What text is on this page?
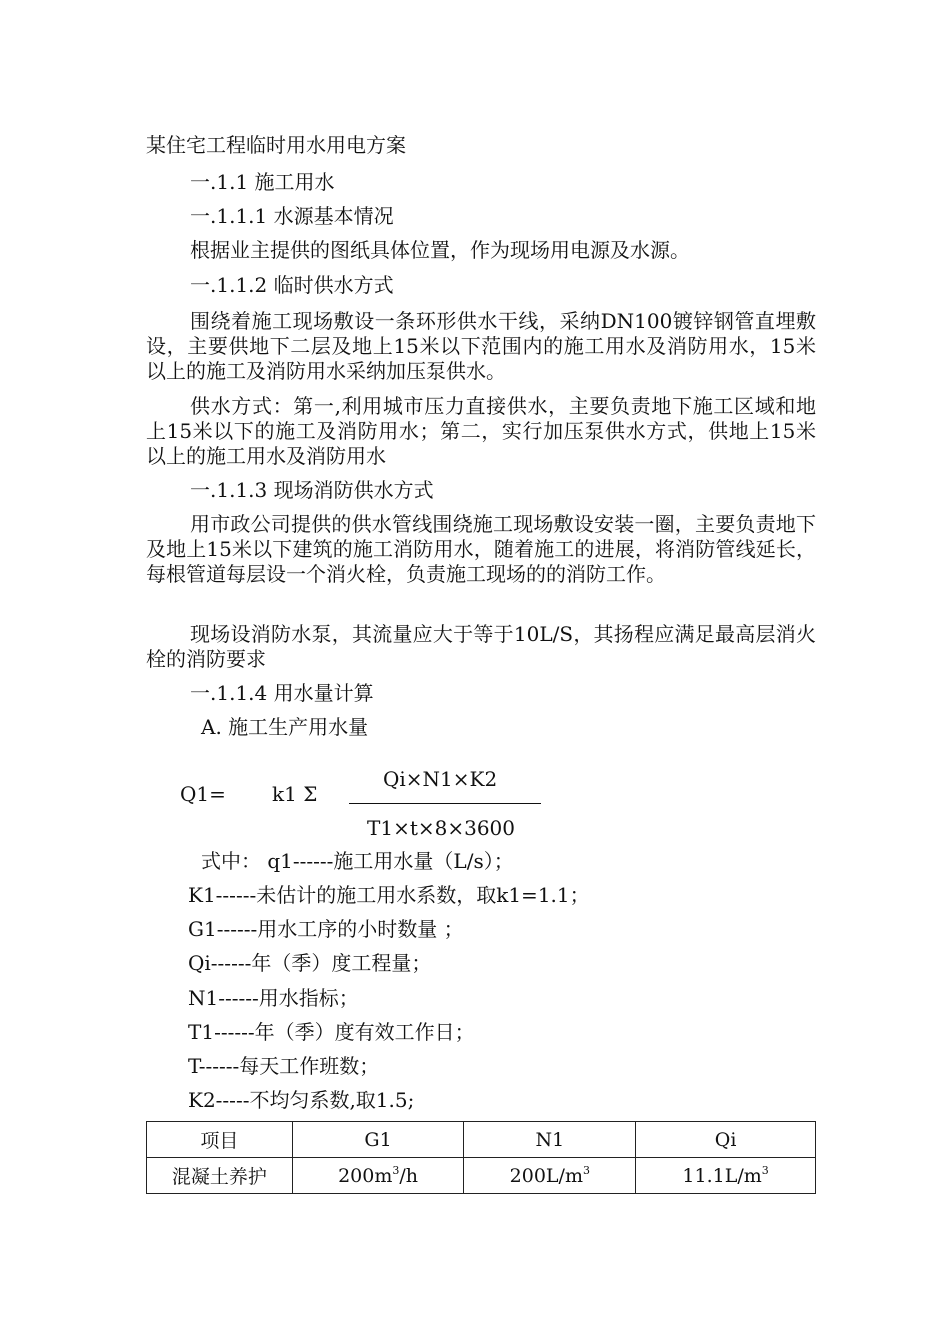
某住宅工程临时用水用电方案
一.1.1 施工用水
一.1.1.1 水源基本情况
根据业主提供的图纸具体位置，作为现场用电源及水源。
一.1.1.2 临时供水方式
围绕着施工现场敷设一条环形供水干线，采纳DN100镀锌钢管直埋敷设，主要供地下二层及地上15米以下范围内的施工用水及消防用水，15米以上的施工及消防用水采纳加压泵供水。
供水方式：第一,利用城市压力直接供水，主要负责地下施工区域和地上15米以下的施工及消防用水；第二，实行加压泵供水方式，供地上15米以上的施工用水及消防用水
一.1.1.3 现场消防供水方式
用市政公司提供的供水管线围绕施工现场敷设安装一圈，主要负责地下及地上15米以下建筑的施工消防用水，随着施工的进展，将消防管线延长，每根管道每层设一个消火栓，负责施工现场的的消防工作。
现场设消防水泵，其流量应大于等于10L/S，其扬程应满足最高层消火栓的消防要求
一.1.1.4 用水量计算
A. 施工生产用水量
Q1= k1 Σ
Qi×N1×K2
T1×t×8×3600
式中： q1------施工用水量（L/s）；
K1------未估计的施工用水系数，取k1=1.1；
G1------用水工序的小时数量 ；
Qi------年（季）度工程量；
N1------用水指标；
T1------年（季）度有效工作日；
T------每天工作班数；
K2-----不均匀系数,取1.5;
项目	G1	N1	Qi
混凝土养护	$200m^3/h$	$200L/m^3$	$11.1L/m^3$
